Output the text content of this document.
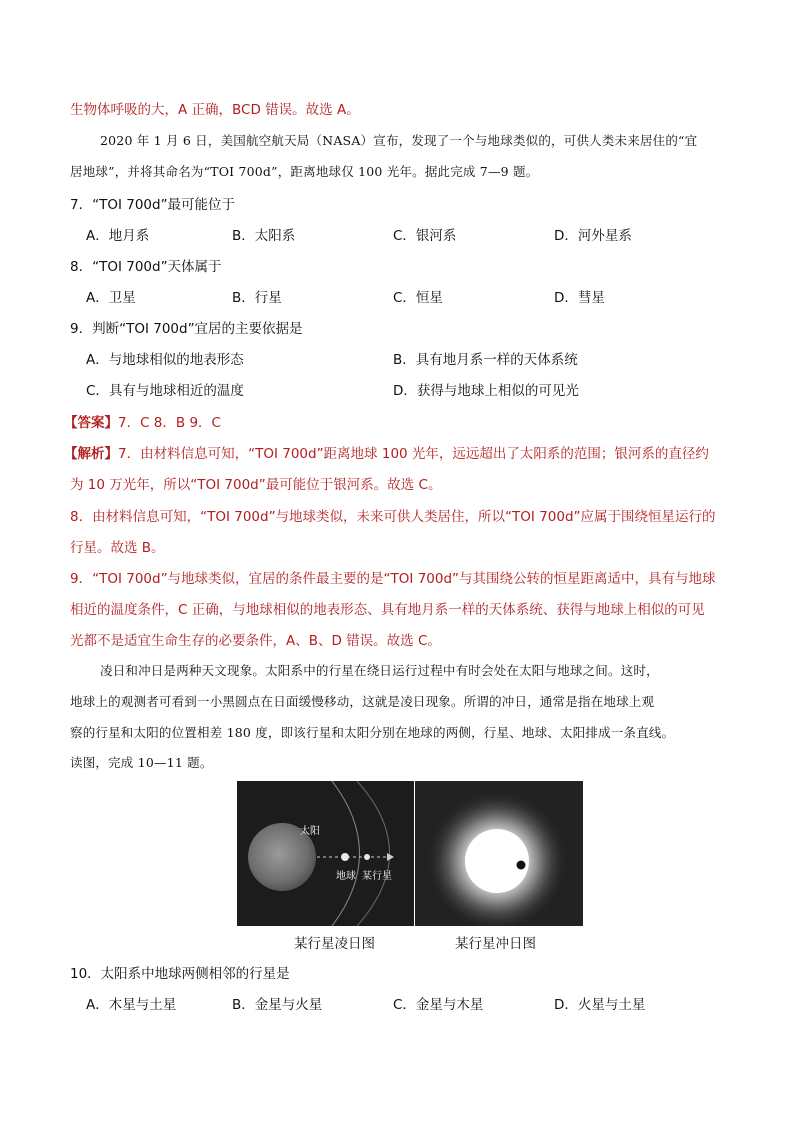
生物体呼吸的大，A 正确，BCD 错误。故选 A。
2020 年 1 月 6 日，美国航空航天局（NASA）宣布，发现了一个与地球类似的，可供人类未来居住的“宜
居地球”，并将其命名为“TOI 700d”，距离地球仅 100 光年。据此完成 7—9 题。
7．“TOI 700d”最可能位于
A．地月系	B．太阳系	C．银河系	D．河外星系
8．“TOI 700d”天体属于
A．卫星	B．行星	C．恒星	D．彗星
9．判断“TOI 700d”宜居的主要依据是
A．与地球相似的地表形态	B．具有地月系一样的天体系统
C．具有与地球相近的温度	D．获得与地球上相似的可见光
【答案】7．C 8．B 9．C
【解析】7．由材料信息可知，“TOI 700d”距离地球 100 光年，远远超出了太阳系的范围；银河系的直径约
为 10 万光年，所以“TOI 700d”最可能位于银河系。故选 C。
8．由材料信息可知，“TOI 700d”与地球类似，未来可供人类居住，所以“TOI 700d”应属于围绕恒星运行的
行星。故选 B。
9．“TOI 700d”与地球类似，宜居的条件最主要的是“TOI 700d”与其围绕公转的恒星距离适中，具有与地球
相近的温度条件，C 正确，与地球相似的地表形态、具有地月系一样的天体系统、获得与地球上相似的可见
光都不是适宜生命生存的必要条件，A、B、D 错误。故选 C。
凌日和冲日是两种天文现象。太阳系中的行星在绕日运行过程中有时会处在太阳与地球之间。这时，
地球上的观测者可看到一小黑圆点在日面缓慢移动，这就是凌日现象。所谓的冲日，通常是指在地球上观
察的行星和太阳的位置相差 180 度，即该行星和太阳分别在地球的两侧，行星、地球、太阳排成一条直线。
读图，完成 10—11 题。
太阳
地球 某行星
某行星凌日图	某行星冲日图
10．太阳系中地球两侧相邻的行星是
A．木星与土星	B．金星与火星	C．金星与木星	D．火星与土星
